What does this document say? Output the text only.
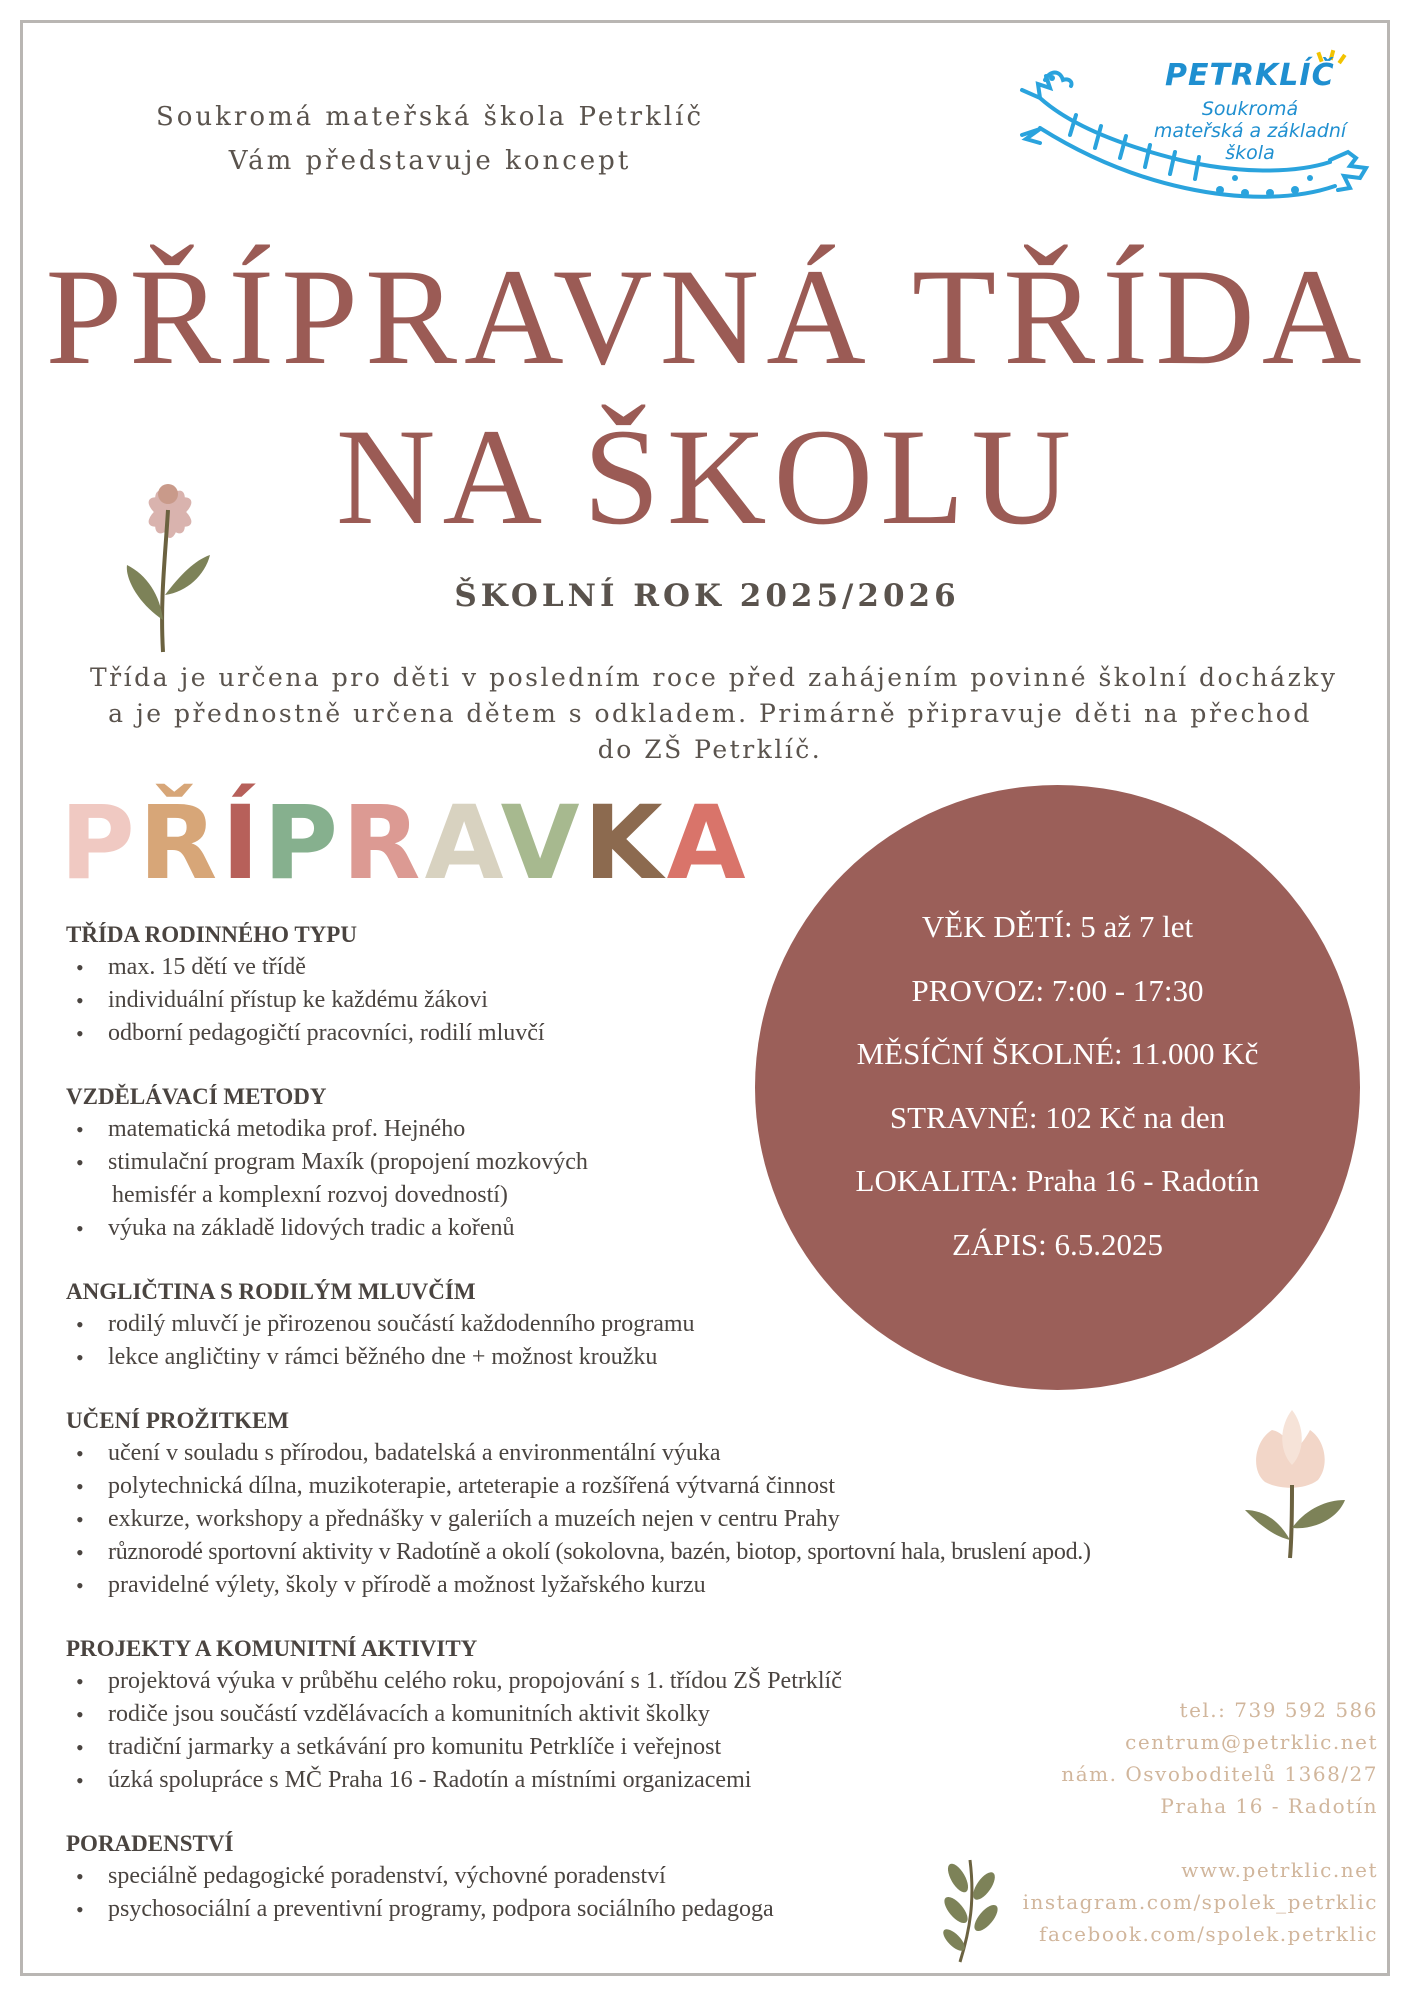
Soukromá mateřská škola Petrklíč
Vám představuje koncept
PETRKLÍČ
Soukromá
mateřská a základní
škola
PŘÍPRAVNÁ TŘÍDA
NA ŠKOLU
ŠKOLNÍ ROK 2025/2026
Třída je určena pro děti v posledním roce před zahájením povinné školní docházky
a je přednostně určena dětem s odkladem. Primárně připravuje děti na přechod
do ZŠ Petrklíč.
PŘÍPRAVKA
VĚK DĚTÍ: 5 až 7 let
PROVOZ: 7:00 - 17:30
MĚSÍČNÍ ŠKOLNÉ: 11.000 Kč
STRAVNÉ: 102 Kč na den
LOKALITA: Praha 16 - Radotín
ZÁPIS: 6.5.2025
TŘÍDA RODINNÉHO TYPU
• max. 15 dětí ve třídě
• individuální přístup ke každému žákovi
• odborní pedagogičtí pracovníci, rodilí mluvčí
VZDĚLÁVACÍ METODY
• matematická metodika prof. Hejného
• stimulační program Maxík (propojení mozkových
hemisfér a komplexní rozvoj dovedností)
• výuka na základě lidových tradic a kořenů
ANGLIČTINA S RODILÝM MLUVČÍM
• rodilý mluvčí je přirozenou součástí každodenního programu
• lekce angličtiny v rámci běžného dne + možnost kroužku
UČENÍ PROŽITKEM
• učení v souladu s přírodou, badatelská a environmentální výuka
• polytechnická dílna, muzikoterapie, arteterapie a rozšířená výtvarná činnost
• exkurze, workshopy a přednášky v galeriích a muzeích nejen v centru Prahy
• různorodé sportovní aktivity v Radotíně a okolí (sokolovna, bazén, biotop, sportovní hala, bruslení apod.)
• pravidelné výlety, školy v přírodě a možnost lyžařského kurzu
PROJEKTY A KOMUNITNÍ AKTIVITY
• projektová výuka v průběhu celého roku, propojování s 1. třídou ZŠ Petrklíč
• rodiče jsou součástí vzdělávacích a komunitních aktivit školky
• tradiční jarmarky a setkávání pro komunitu Petrklíče i veřejnost
• úzká spolupráce s MČ Praha 16 - Radotín a místními organizacemi
PORADENSTVÍ
• speciálně pedagogické poradenství, výchovné poradenství
• psychosociální a preventivní programy, podpora sociálního pedagoga
tel.: 739 592 586
centrum@petrklic.net
nám. Osvoboditelů 1368/27
Praha 16 - Radotín
www.petrklic.net
instagram.com/spolek_petrklic
facebook.com/spolek.petrklic
